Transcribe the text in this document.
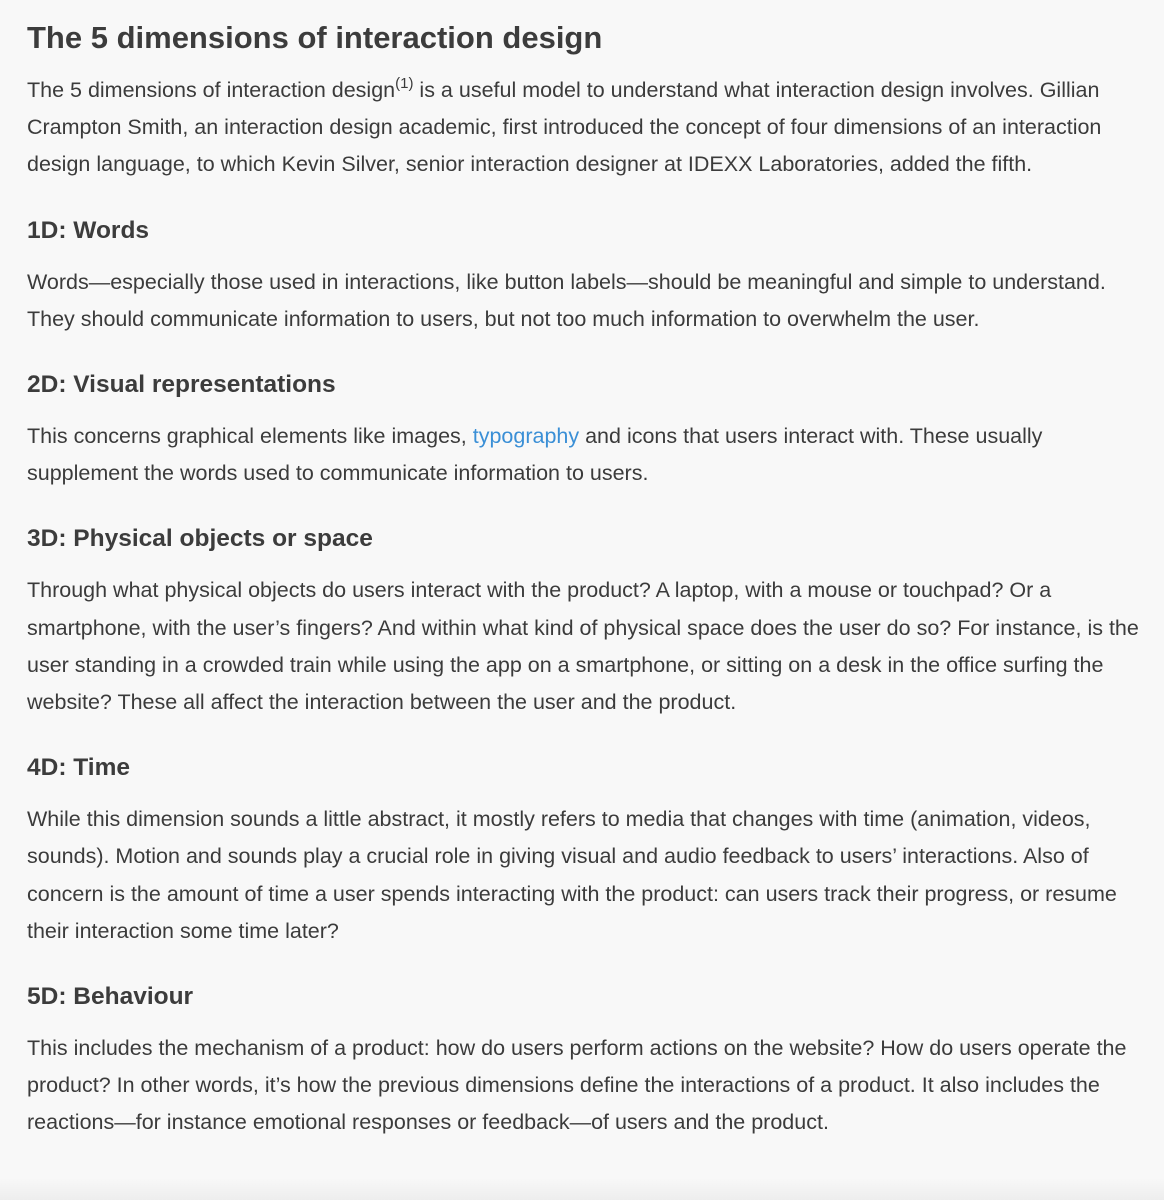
The 5 dimensions of interaction design

The 5 dimensions of interaction design$^{(1)}$ is a useful model to understand what interaction design involves. Gillian Crampton Smith, an interaction design academic, first introduced the concept of four dimensions of an interaction design language, to which Kevin Silver, senior interaction designer at IDEXX Laboratories, added the fifth.

1D: Words

Words—especially those used in interactions, like button labels—should be meaningful and simple to understand. They should communicate information to users, but not too much information to overwhelm the user.

2D: Visual representations

This concerns graphical elements like images, typography and icons that users interact with. These usually supplement the words used to communicate information to users.

3D: Physical objects or space

Through what physical objects do users interact with the product? A laptop, with a mouse or touchpad? Or a smartphone, with the user’s fingers? And within what kind of physical space does the user do so? For instance, is the user standing in a crowded train while using the app on a smartphone, or sitting on a desk in the office surfing the website? These all affect the interaction between the user and the product.

4D: Time

While this dimension sounds a little abstract, it mostly refers to media that changes with time (animation, videos, sounds). Motion and sounds play a crucial role in giving visual and audio feedback to users’ interactions. Also of concern is the amount of time a user spends interacting with the product: can users track their progress, or resume their interaction some time later?

5D: Behaviour

This includes the mechanism of a product: how do users perform actions on the website? How do users operate the product? In other words, it’s how the previous dimensions define the interactions of a product. It also includes the reactions—for instance emotional responses or feedback—of users and the product.
